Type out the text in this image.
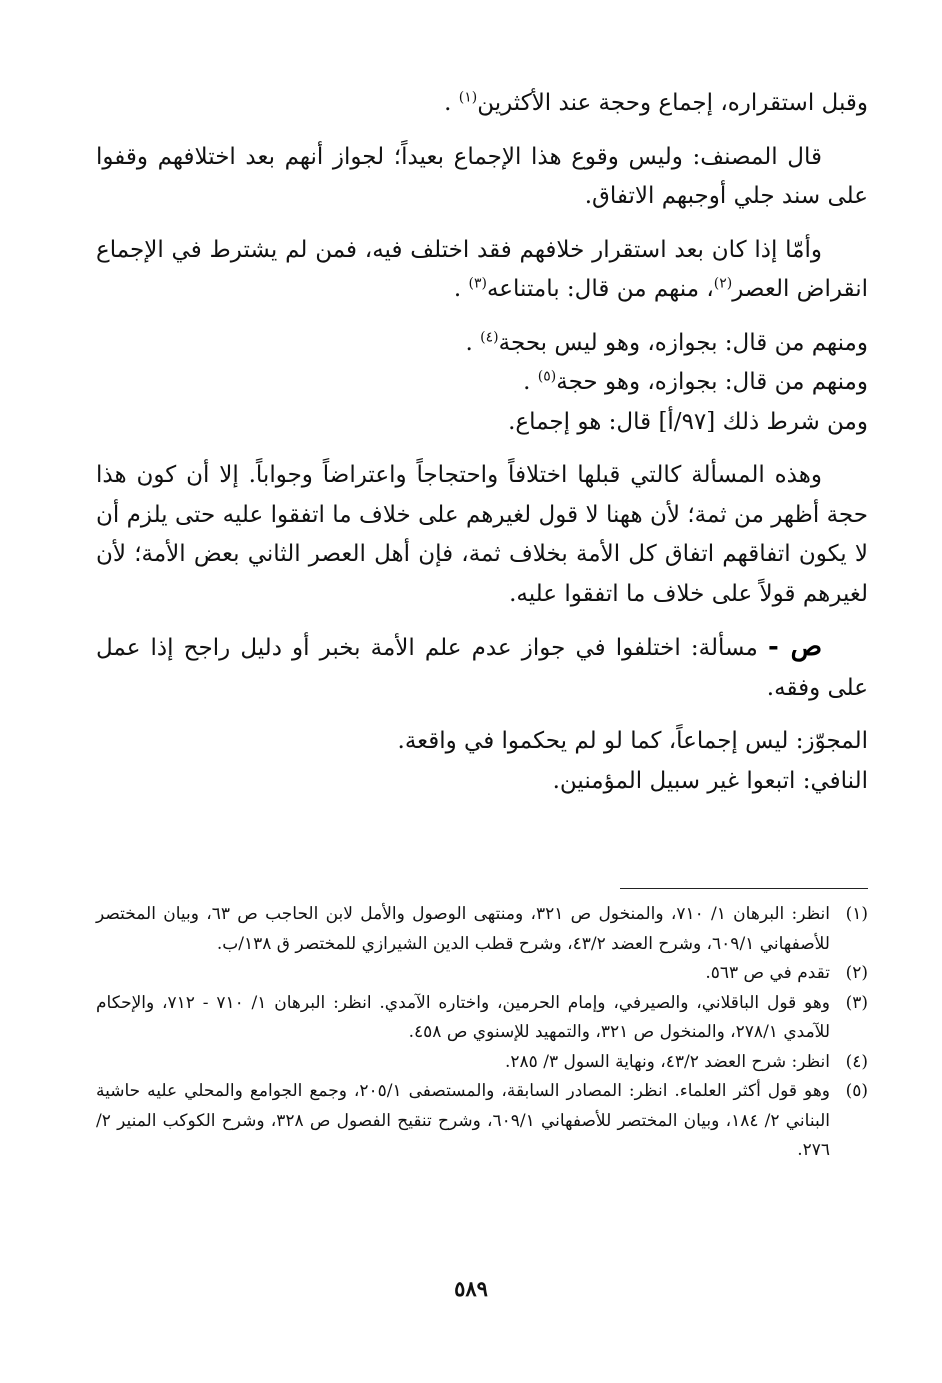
وقبل استقراره، إجماع وحجة عند الأكثرين$^{(١)}$ .

قال المصنف: وليس وقوع هذا الإجماع بعيداً؛ لجواز أنهم بعد اختلافهم وقفوا على سند جلي أوجبهم الاتفاق.

وأمّا إذا كان بعد استقرار خلافهم فقد اختلف فيه، فمن لم يشترط في الإجماع انقراض العصر$^{(٢)}$، منهم من قال: بامتناعه$^{(٣)}$ .

ومنهم من قال: بجوازه، وهو ليس بحجة$^{(٤)}$ .

ومنهم من قال: بجوازه، وهو حجة$^{(٥)}$ .

ومن شرط ذلك [٩٧/أ] قال: هو إجماع.

وهذه المسألة كالتي قبلها اختلافاً واحتجاجاً واعتراضاً وجواباً. إلا أن كون هذا حجة أظهر من ثمة؛ لأن ههنا لا قول لغيرهم على خلاف ما اتفقوا عليه حتى يلزم أن لا يكون اتفاقهم اتفاق كل الأمة بخلاف ثمة، فإن أهل العصر الثاني بعض الأمة؛ لأن لغيرهم قولاً على خلاف ما اتفقوا عليه.

ص - مسألة: اختلفوا في جواز عدم علم الأمة بخبر أو دليل راجح إذا عمل على وفقه.

المجوّز: ليس إجماعاً، كما لو لم يحكموا في واقعة.

النافي: اتبعوا غير سبيل المؤمنين.

(١)
انظر: البرهان ١/ ٧١٠، والمنخول ص ٣٢١، ومنتهى الوصول والأمل لابن الحاجب ص ٦٣، وبيان المختصر للأصفهاني ٦٠٩/١، وشرح العضد ٤٣/٢، وشرح قطب الدين الشيرازي للمختصر ق ١٣٨/ب.
(٢)
تقدم في ص ٥٦٣.
(٣)
وهو قول الباقلاني، والصيرفي، وإمام الحرمين، واختاره الآمدي. انظر: البرهان ١/ ٧١٠ - ٧١٢، والإحكام للآمدي ٢٧٨/١، والمنخول ص ٣٢١، والتمهيد للإسنوي ص ٤٥٨.
(٤)
انظر: شرح العضد ٤٣/٢، ونهاية السول ٣/ ٢٨٥.
(٥)
وهو قول أكثر العلماء. انظر: المصادر السابقة، والمستصفى ٢٠٥/١، وجمع الجوامع والمحلي عليه حاشية البناني ٢/ ١٨٤، وبيان المختصر للأصفهاني ٦٠٩/١، وشرح تنقيح الفصول ص ٣٢٨، وشرح الكوكب المنير ٢/ ٢٧٦.
٥٨٩
